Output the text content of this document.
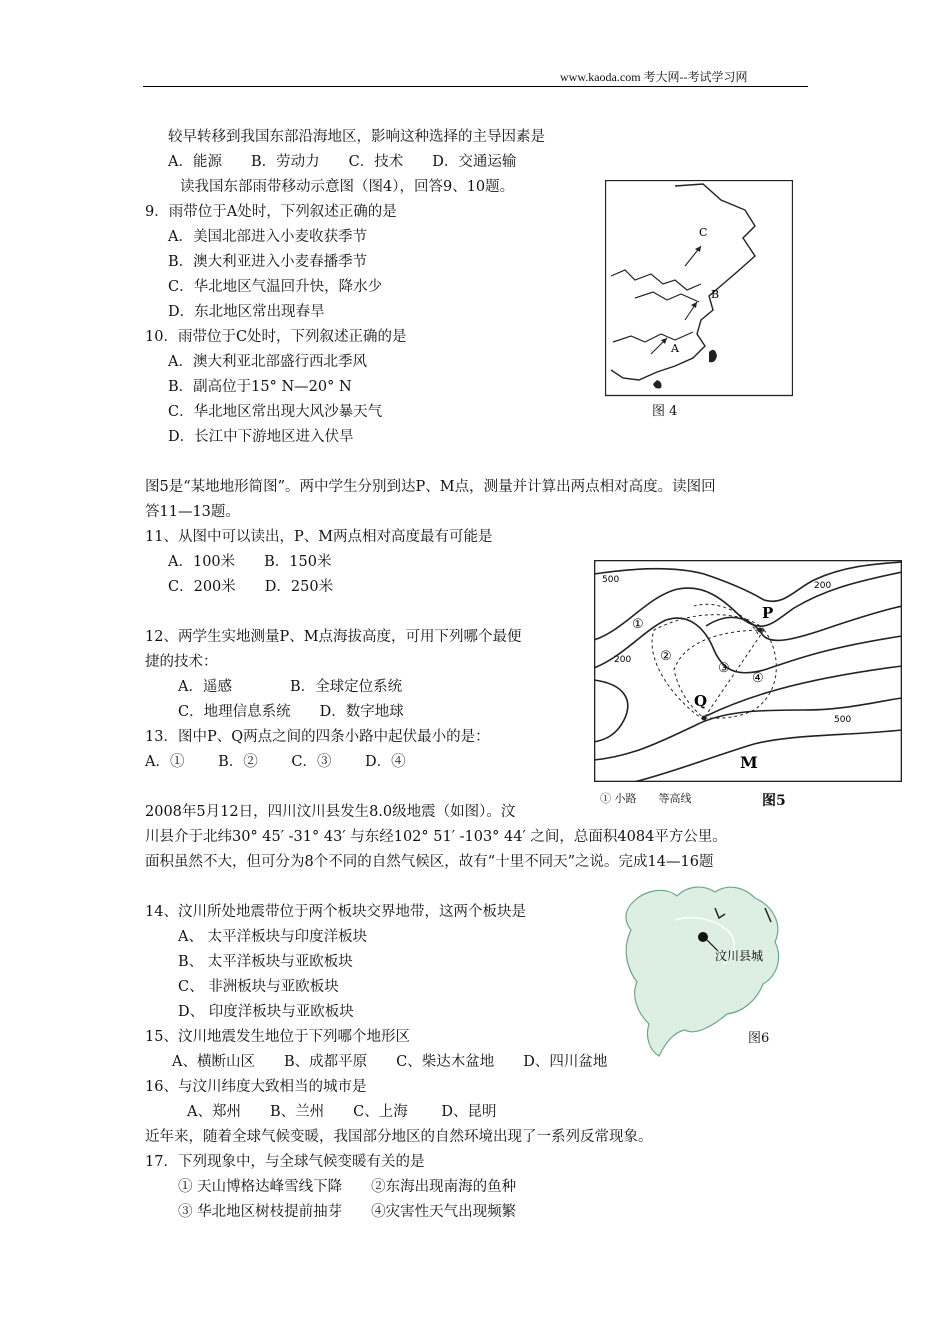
www.kaoda.com 考大网--考试学习网
较早转移到我国东部沿海地区，影响这种选择的主导因素是
A．能源　　B．劳动力　　C．技术　　D．交通运输
读我国东部雨带移动示意图（图4），回答9、10题。
9．雨带位于A处时，下列叙述正确的是
A．美国北部进入小麦收获季节
B．澳大利亚进入小麦春播季节
C．华北地区气温回升快，降水少
D．东北地区常出现春旱
10．雨带位于C处时，下列叙述正确的是
A．澳大利亚北部盛行西北季风
B．副高位于15° N—20° N
C．华北地区常出现大风沙暴天气
D．长江中下游地区进入伏旱
图5是“某地地形简图”。两中学生分别到达P、M点，测量并计算出两点相对高度。读图回
答11—13题。
11、从图中可以读出，P、M两点相对高度最有可能是
A．100米　　B．150米
C．200米　　D．250米
12、两学生实地测量P、M点海拔高度，可用下列哪个最便
捷的技术：
A．遥感　　　　B．全球定位系统
C．地理信息系统　　D．数字地球
13．图中P、Q两点之间的四条小路中起伏最小的是：
A．①　　 B．②　　 C．③　　 D．④
2008年5月12日，四川汶川县发生8.0级地震（如图）。汶
川县介于北纬30° 45′ -31° 43′ 与东经102° 51′ -103° 44′ 之间，总面积4084平方公里。
面积虽然不大，但可分为8个不同的自然气候区，故有“十里不同天”之说。完成14—16题
14、汶川所处地震带位于两个板块交界地带，这两个板块是
A、 太平洋板块与印度洋板块
B、 太平洋板块与亚欧板块
C、 非洲板块与亚欧板块
D、 印度洋板块与亚欧板块
15、汶川地震发生地位于下列哪个地形区
A、横断山区　　B、成都平原　　C、柴达木盆地　　D、四川盆地
16、与汶川纬度大致相当的城市是
A、郑州　　B、兰州　　C、上海　　 D、昆明
近年来，随着全球气候变暖，我国部分地区的自然环境出现了一系列反常现象。
17．下列现象中，与全球气候变暖有关的是
① 天山博格达峰雪线下降　　②东海出现南海的鱼种
③ 华北地区树枝提前抽芽　　④灾害性天气出现频繁
A
B
C
图 4
P
Q
M
500
200
200
500
①
②
③
④
① 小路　　等高线	图5
汶川县城
图6
